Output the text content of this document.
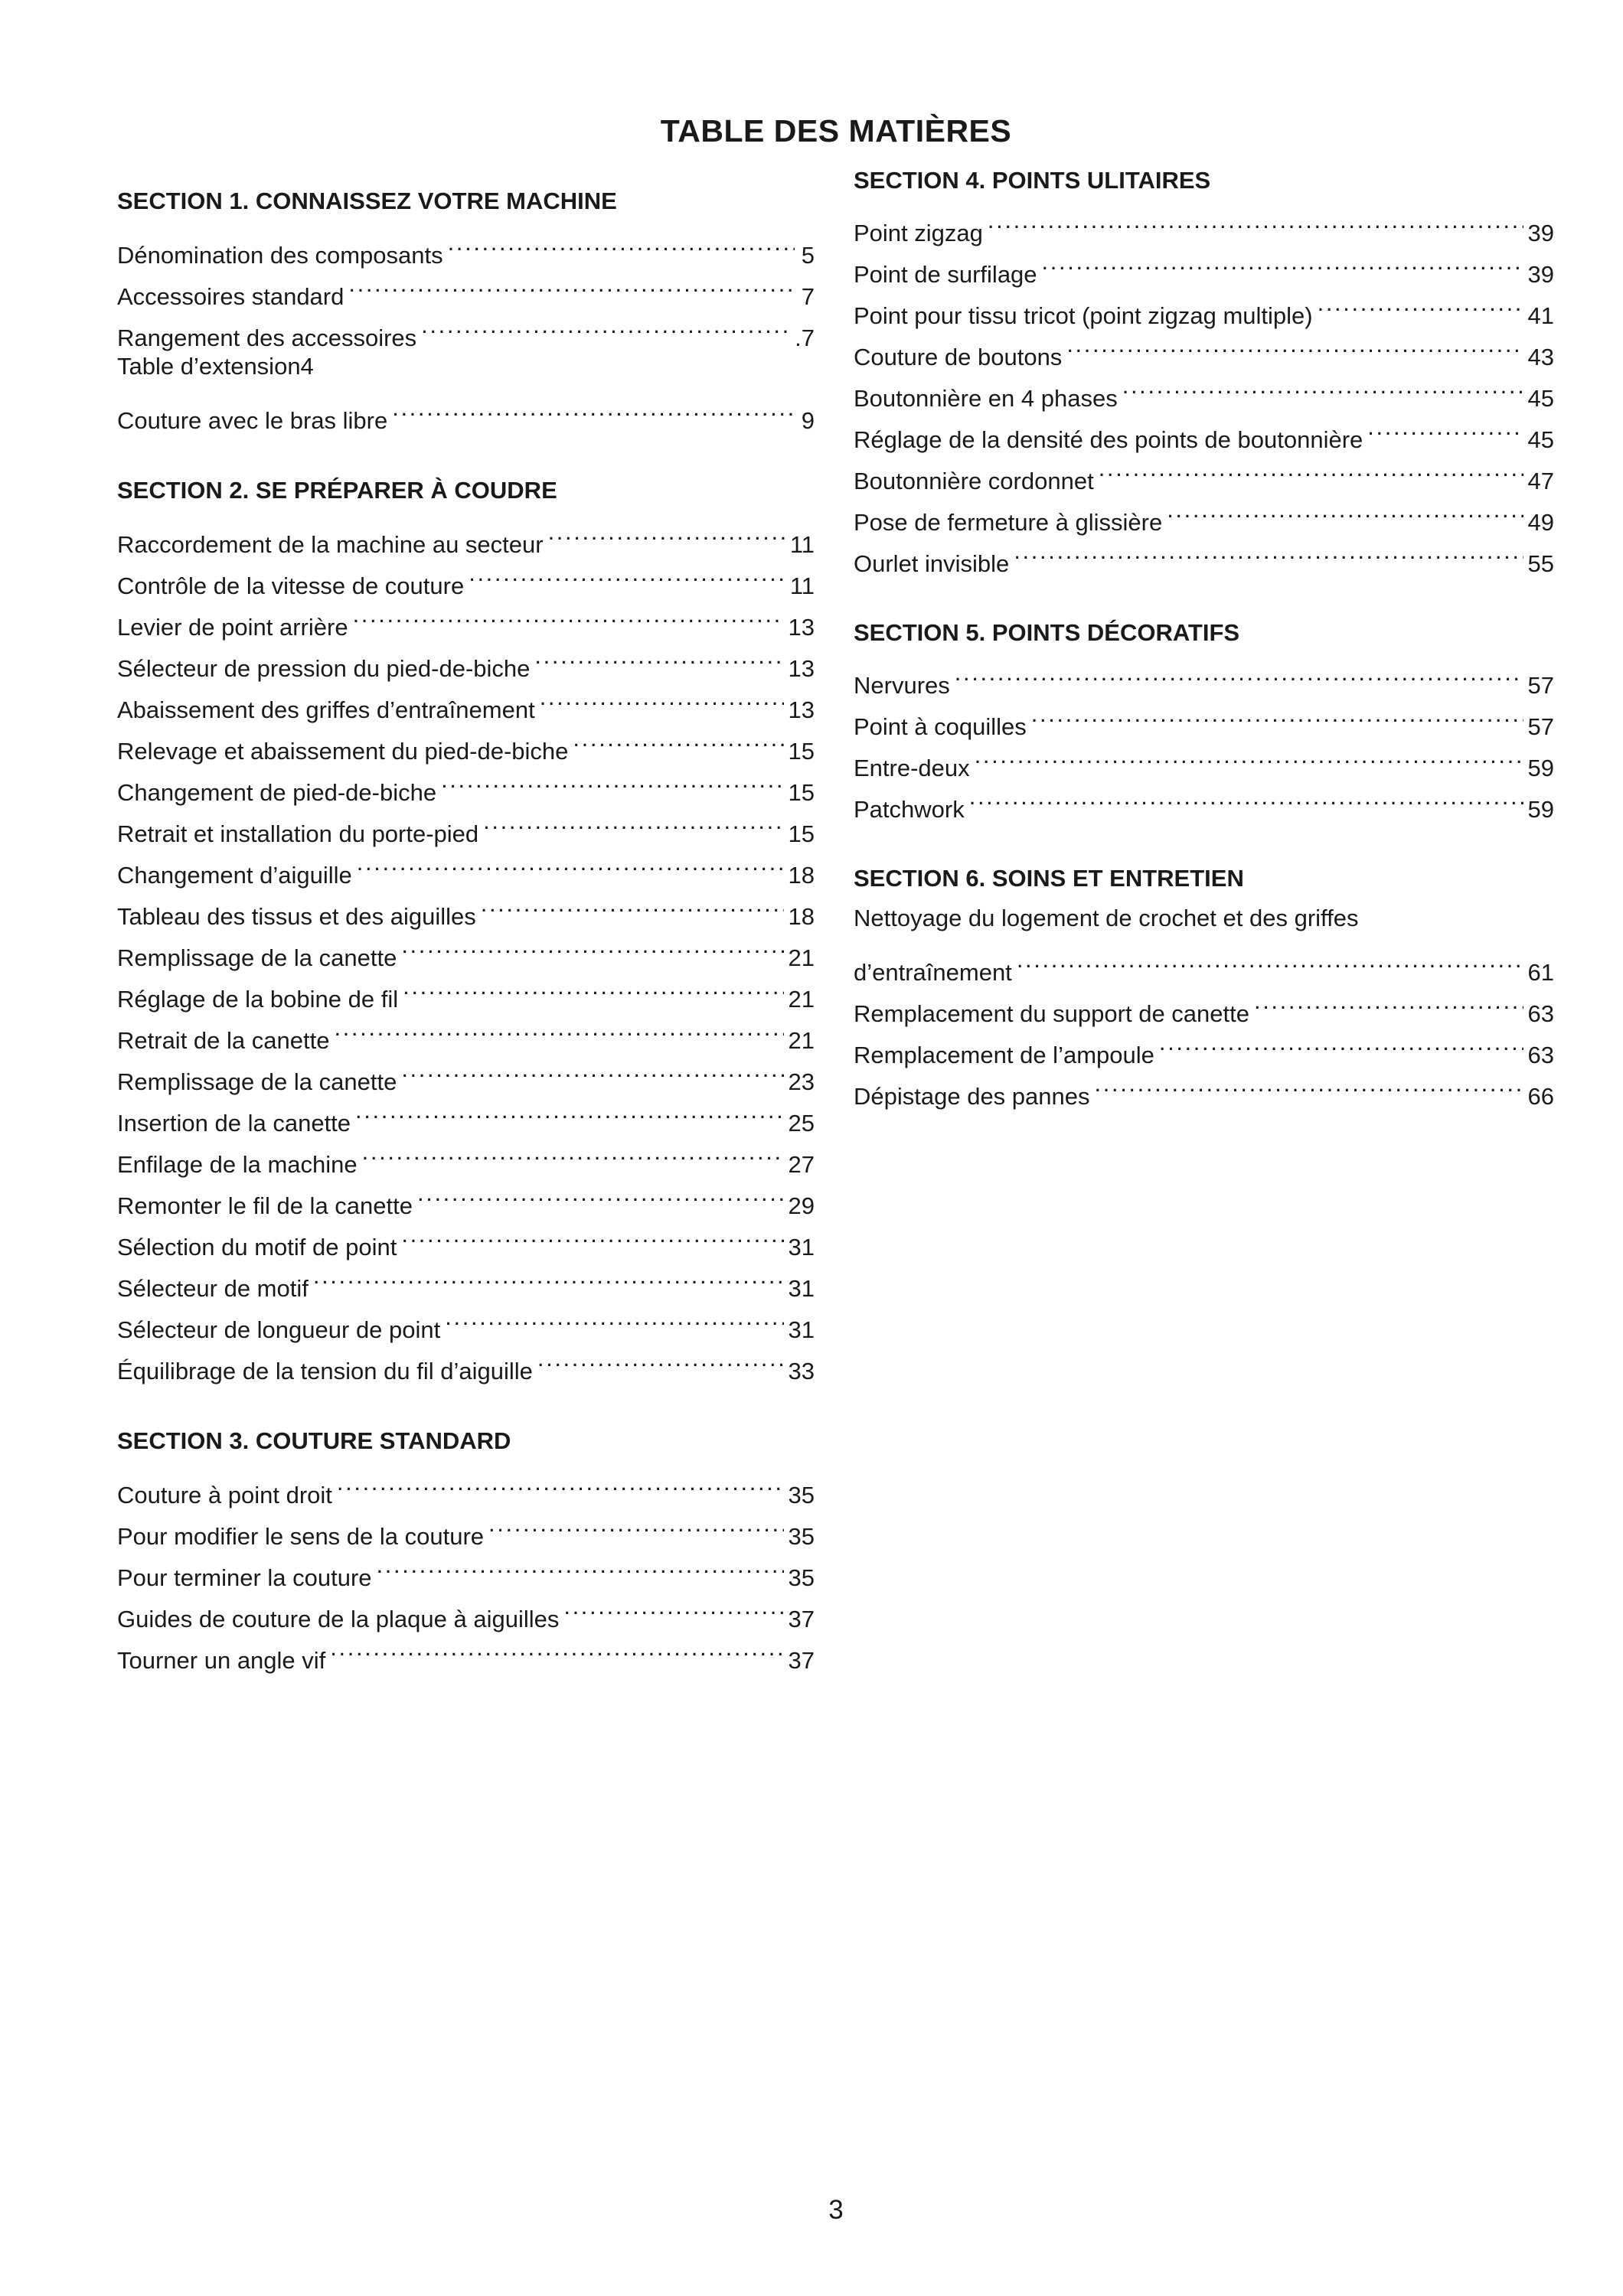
TABLE DES MATIÈRES
SECTION 1. CONNAISSEZ VOTRE MACHINE
Dénomination des composants . . .	5
Accessoires standard . . .	7
Rangement des accessoires . . .	.7
Table d’extension4
Couture avec le bras libre . . .	9
SECTION 2. SE PRÉPARER À COUDRE
Raccordement de la machine au secteur . . .	11
Contrôle de la vitesse de couture . . .	11
Levier de point arrière . . .	13
Sélecteur de pression du pied-de-biche . . .	13
Abaissement des griffes d’entraînement . . .	13
Relevage et abaissement du pied-de-biche . . .	15
Changement de pied-de-biche . . .	15
Retrait et installation du porte-pied . . .	15
Changement d’aiguille . . .	18
Tableau des tissus et des aiguilles . . .	18
Remplissage de la canette . . .	21
Réglage de la bobine de fil . . .	21
Retrait de la canette . . .	21
Remplissage de la canette . . .	23
Insertion de la canette . . .	25
Enfilage de la machine . . .	27
Remonter le fil de la canette . . .	29
Sélection du motif de point . . .	31
Sélecteur de motif . . .	31
Sélecteur de longueur de point . . .	31
Équilibrage de la tension du fil d’aiguille . . .	33
SECTION 3. COUTURE STANDARD
Couture à point droit . . .	35
Pour modifier le sens de la couture . . .	35
Pour terminer la couture . . .	35
Guides de couture de la plaque à aiguilles . . .	37
Tourner un angle vif . . .	37
SECTION 4. POINTS ULITAIRES
Point zigzag . . .	39
Point de surfilage . . .	39
Point pour tissu tricot (point zigzag multiple) . . .	41
Couture de boutons . . .	43
Boutonnière en 4 phases . . .	45
Réglage de la densité des points de boutonnière . . .	45
Boutonnière cordonnet . . .	47
Pose de fermeture à glissière . . .	49
Ourlet invisible . . .	55
SECTION 5. POINTS DÉCORATIFS
Nervures . . .	57
Point à coquilles . . .	57
Entre-deux . . .	59
Patchwork . . .	59
SECTION 6. SOINS ET ENTRETIEN
Nettoyage du logement de crochet et des griffes
d’entraînement . . .	61
Remplacement du support de canette . . .	63
Remplacement de l’ampoule . . .	63
Dépistage des pannes . . .	66
3
